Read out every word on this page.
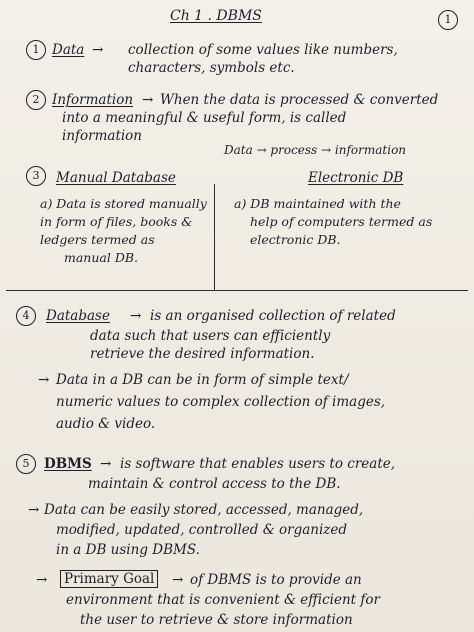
Ch 1 . DBMS	1
1 Data → collection of some values like numbers,
characters, symbols etc.
2 Information → When the data is processed & converted
into a meaningful & useful form, is called
information
Data → process → information
3	Manual Database	Electronic DB
a) Data is stored manually
in form of files, books &
ledgers termed as
manual DB.
a) DB maintained with the
help of computers termed as
electronic DB.
4	Database → is an organised collection of related
data such that users can efficiently
retrieve the desired information.
→ Data in a DB can be in form of simple text/
numeric values to complex collection of images,
audio & video.
5	DBMS → is software that enables users to create,
maintain & control access to the DB.
→ Data can be easily stored, accessed, managed,
modified, updated, controlled & organized
in a DB using DBMS.
→ Primary Goal → of DBMS is to provide an
environment that is convenient & efficient for
the user to retrieve & store information
